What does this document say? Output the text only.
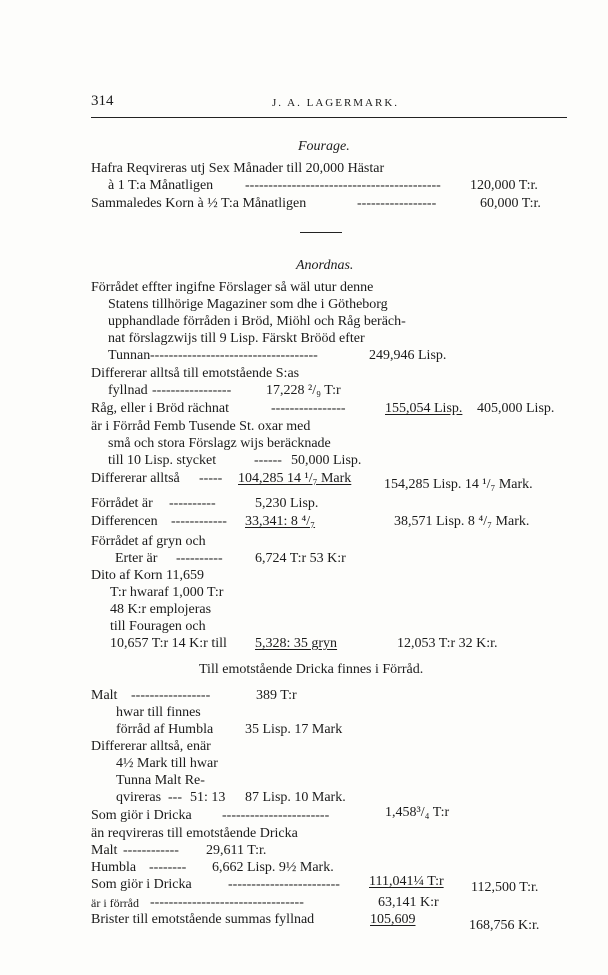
314	J. A. LAGERMARK.
Fourage.
Hafra Reqvireras utj Sex Månader till 20,000 Hästar
à 1 T:a Månatligen ------------------------------------------ 120,000 T:r.
Sammaledes Korn à ½ T:a Månatligen	-----------------	60,000 T:r.
Anordnas.
Förrådet effter ingifne Förslager så wäl utur denne
Statens tillhörige Magaziner som dhe i Götheborg
upphandlade förråden i Bröd, Miöhl och Råg beräch-
nat förslagzwijs till 9 Lisp. Färskt Brööd efter
Tunnan ------------------------------------	249,946 Lisp.
Differerar alltså till emotstående S:as
fyllnad ----------------- 17,228 ²/₉ T:r
Råg, eller i Bröd rächnat	----------------	155,054 Lisp. 405,000 Lisp.
är i Förråd Femb Tusende St. oxar med
små och stora Förslagz wijs beräcknade
till 10 Lisp. stycket	------ 50,000 Lisp.
Differerar alltså ----- 104,285 14 ¹/₇ Mark 154,285 Lisp. 14 ¹/₇ Mark.
Förrådet är ----------	5,230 Lisp.
Differencen ------------ 33,341: 8 ⁴/₇	38,571 Lisp. 8 ⁴/₇ Mark.
Förrådet af gryn och
Erter är ---------- 6,724 T:r 53 K:r
Dito af Korn 11,659
T:r hwaraf 1,000 T:r
48 K:r emplojeras
till Fouragen och
10,657 T:r 14 K:r till 5,328: 35 gryn	12,053 T:r 32 K:r.
Till emotstående Dricka finnes i Förråd.
Malt -----------------	389 T:r
hwar till finnes
förråd af Humbla 35 Lisp. 17 Mark
Differerar alltså, enär
4½ Mark till hwar
Tunna Malt Re-
qvireras --- 51: 13 87 Lisp. 10 Mark.
Som giör i Dricka -----------------------	1,458³/₄ T:r
än reqvireras till emotstående Dricka
Malt ------------ 29,611 T:r.
Humbla -------- 6,662 Lisp. 9½ Mark.
Som giör i Dricka	------------------------ 111,041¼ T:r 112,500 T:r.
är i förråd ---------------------------------	63,141 K:r
Brister till emotstående summas fyllnad	105,609	168,756 K:r.
